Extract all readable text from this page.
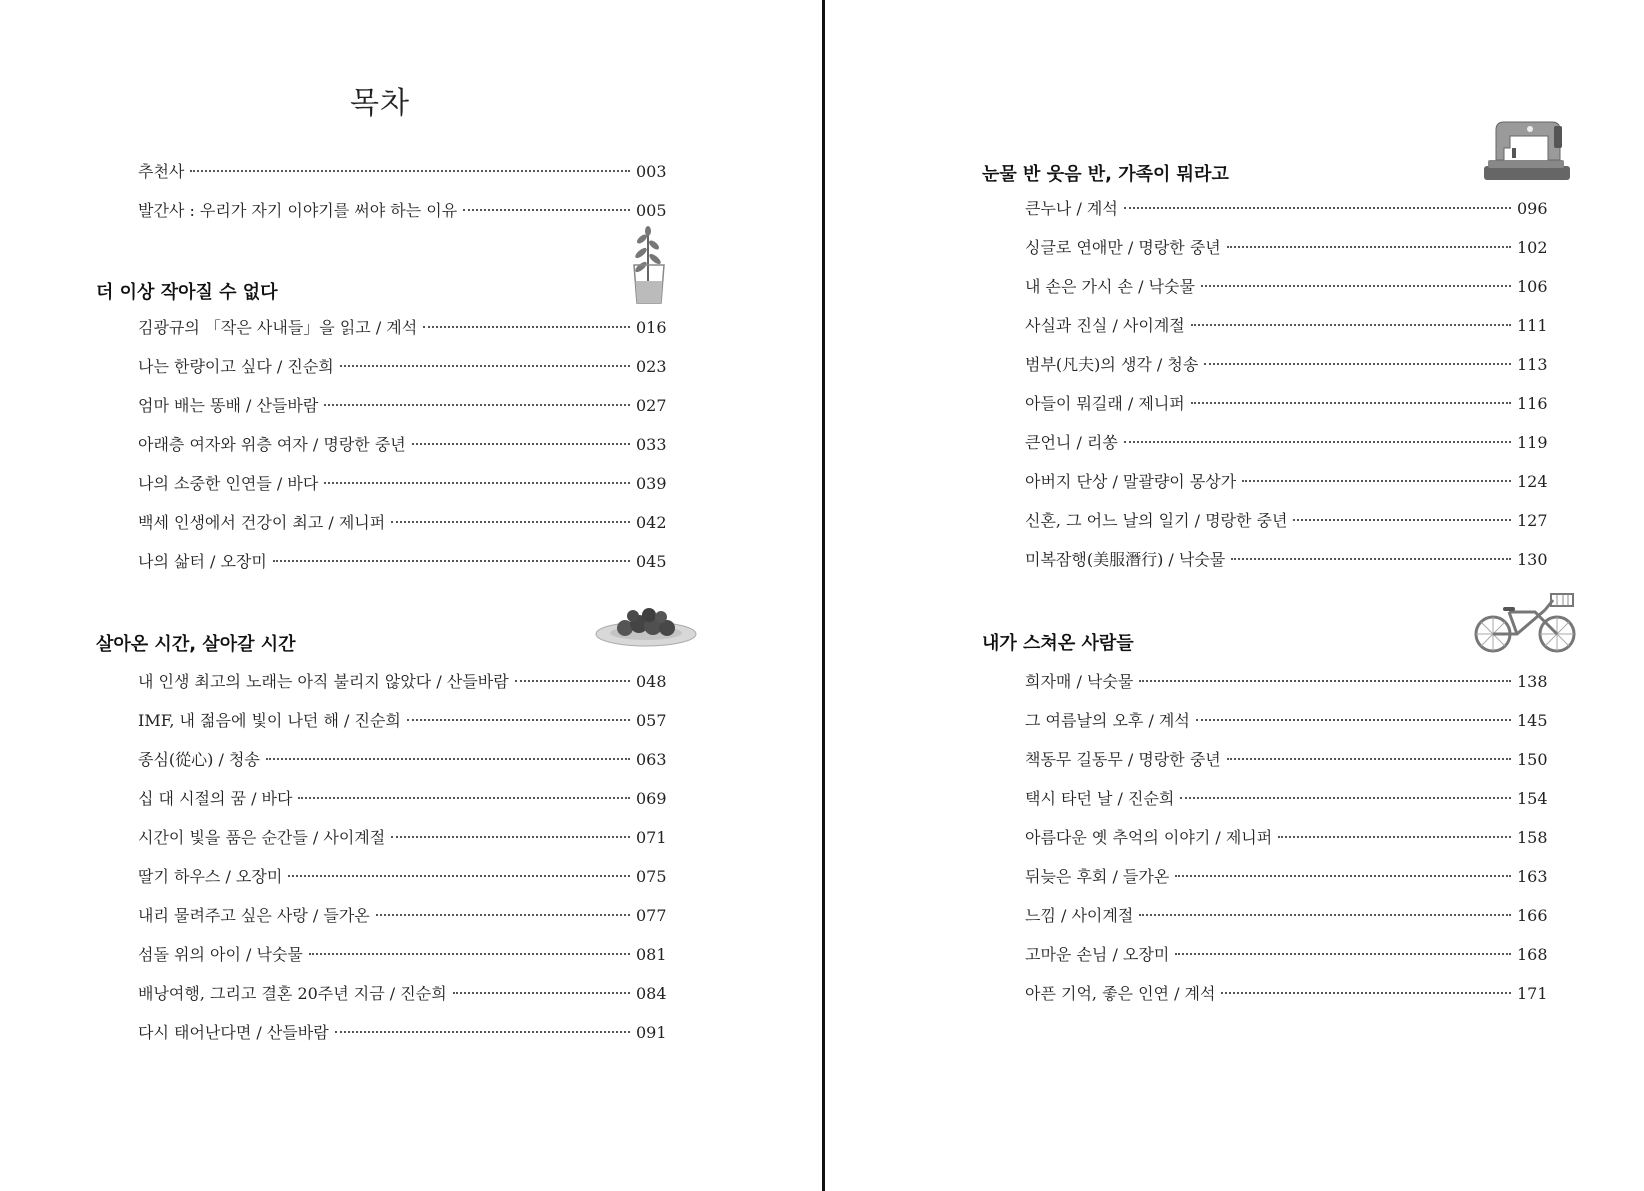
목차
추천사	003
발간사 : 우리가 자기 이야기를 써야 하는 이유	005
더 이상 작아질 수 없다
김광규의 「작은 사내들」을 읽고 / 계석	016
나는 한량이고 싶다 / 진순희	023
엄마 배는 똥배 / 산들바람	027
아래층 여자와 위층 여자 / 명랑한 중년	033
나의 소중한 인연들 / 바다	039
백세 인생에서 건강이 최고 / 제니퍼	042
나의 삶터 / 오장미	045
살아온 시간, 살아갈 시간
내 인생 최고의 노래는 아직 불리지 않았다 / 산들바람	048
IMF, 내 젊음에 빛이 나던 해 / 진순희	057
종심(從心) / 청송	063
십 대 시절의 꿈 / 바다	069
시간이 빛을 품은 순간들 / 사이계절	071
딸기 하우스 / 오장미	075
내리 물려주고 싶은 사랑 / 들가온	077
섬돌 위의 아이 / 낙숫물	081
배낭여행, 그리고 결혼 20주년 지금 / 진순희	084
다시 태어난다면 / 산들바람	091
눈물 반 웃음 반, 가족이 뭐라고
큰누나 / 계석	096
싱글로 연애만 / 명랑한 중년	102
내 손은 가시 손 / 낙숫물	106
사실과 진실 / 사이계절	111
범부(凡夫)의 생각 / 청송	113
아들이 뭐길래 / 제니퍼	116
큰언니 / 리쏭	119
아버지 단상 / 말괄량이 몽상가	124
신혼, 그 어느 날의 일기 / 명랑한 중년	127
미복잠행(美服潛行) / 낙숫물	130
내가 스쳐온 사람들
희자매 / 낙숫물	138
그 여름날의 오후 / 계석	145
책동무 길동무 / 명랑한 중년	150
택시 타던 날 / 진순희	154
아름다운 옛 추억의 이야기 / 제니퍼	158
뒤늦은 후회 / 들가온	163
느낌 / 사이계절	166
고마운 손님 / 오장미	168
아픈 기억, 좋은 인연 / 계석	171
